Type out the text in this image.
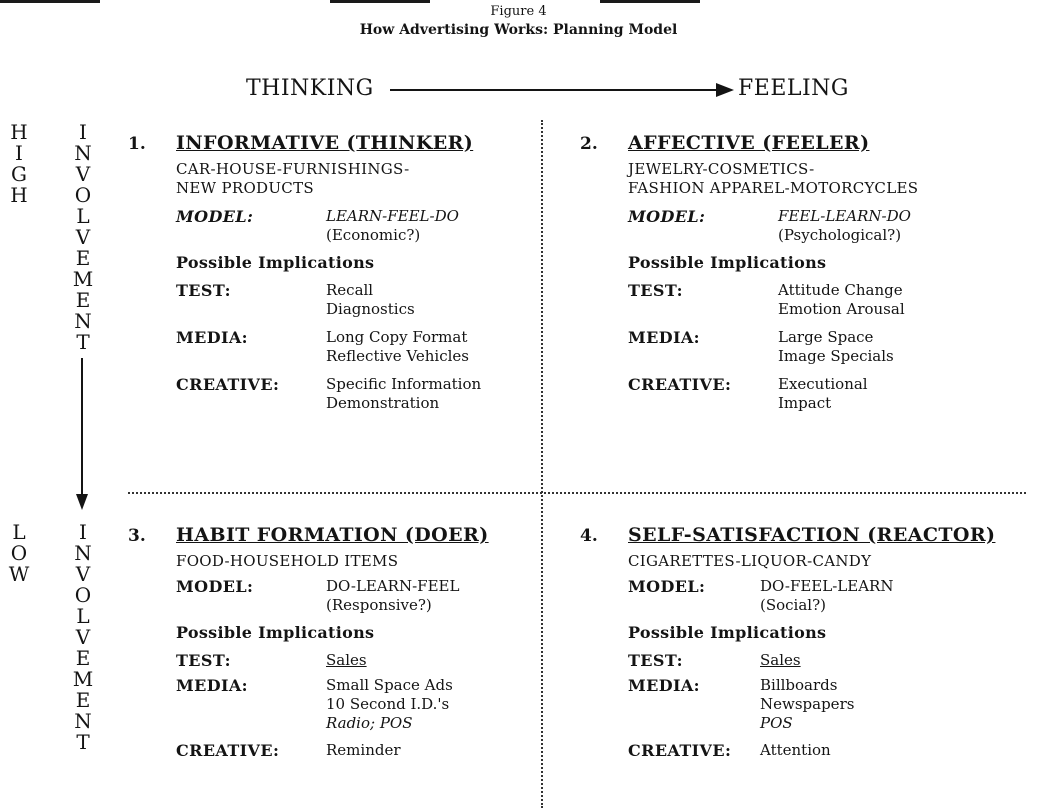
Figure 4
How Advertising Works: Planning Model
THINKING	FEELING
H
I
G
H
I
N
V
O
L
V
E
M
E
N
T
L
O
W
I
N
V
O
L
V
E
M
E
N
T
1.	INFORMATIVE (THINKER)
CAR-HOUSE-FURNISHINGS-
NEW PRODUCTS
MODEL:	LEARN-FEEL-DO
(Economic?)
Possible Implications
TEST:	Recall
Diagnostics
MEDIA:	Long Copy Format
Reflective Vehicles
CREATIVE:	Specific Information
Demonstration
2.	AFFECTIVE (FEELER)
JEWELRY-COSMETICS-
FASHION APPAREL-MOTORCYCLES
MODEL:	FEEL-LEARN-DO
(Psychological?)
Possible Implications
TEST:	Attitude Change
Emotion Arousal
MEDIA:	Large Space
Image Specials
CREATIVE:	Executional
Impact
3.	HABIT FORMATION (DOER)
FOOD-HOUSEHOLD ITEMS
MODEL:	DO-LEARN-FEEL
(Responsive?)
Possible Implications
TEST:	Sales
MEDIA:	Small Space Ads
10 Second I.D.'s
Radio; POS
CREATIVE:	Reminder
4.	SELF-SATISFACTION (REACTOR)
CIGARETTES-LIQUOR-CANDY
MODEL:	DO-FEEL-LEARN
(Social?)
Possible Implications
TEST:	Sales
MEDIA:	Billboards
Newspapers
POS
CREATIVE:	Attention
